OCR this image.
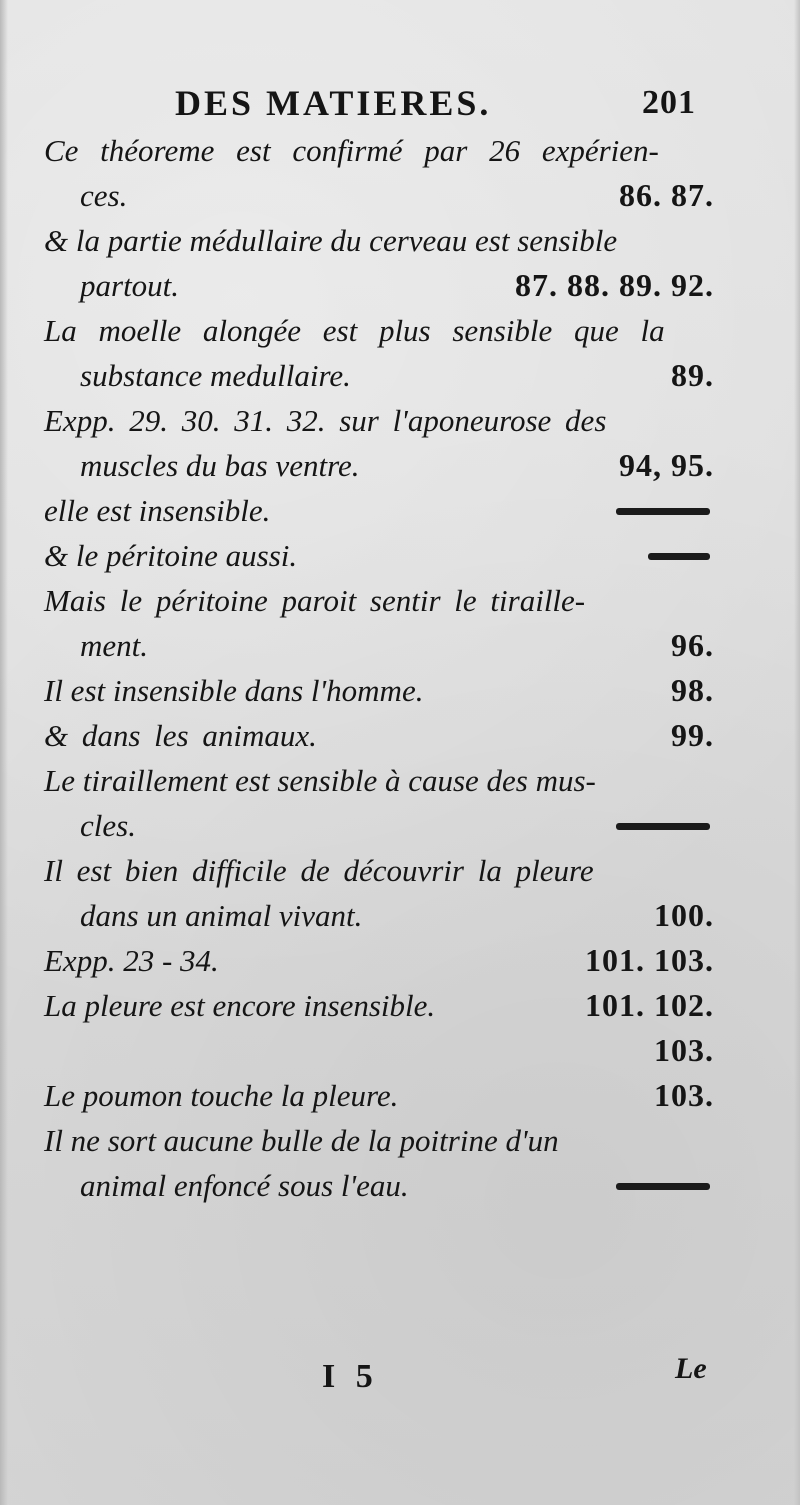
DES MATIERES.	201
Ce théoreme est confirmé par 26 expérien-
ces.	86. 87.
& la partie médullaire du cerveau est sensible
partout.	87. 88. 89. 92.
La moelle alongée est plus sensible que la
substance medullaire.	89.
Expp. 29. 30. 31. 32. sur l'aponeurose des
muscles du bas ventre.	94, 95.
elle est insensible.
& le péritoine aussi.
Mais le péritoine paroit sentir le tiraille-
ment.	96.
Il est insensible dans l'homme.	98.
& dans les animaux.	99.
Le tiraillement est sensible à cause des mus-
cles.
Il est bien difficile de découvrir la pleure
dans un animal vivant.	100.
Expp. 23 - 34.	101. 103.
La pleure est encore insensible.	101. 102.
103.
Le poumon touche la pleure.	103.
Il ne sort aucune bulle de la poitrine d'un
animal enfoncé sous l'eau.
I 5	Le
